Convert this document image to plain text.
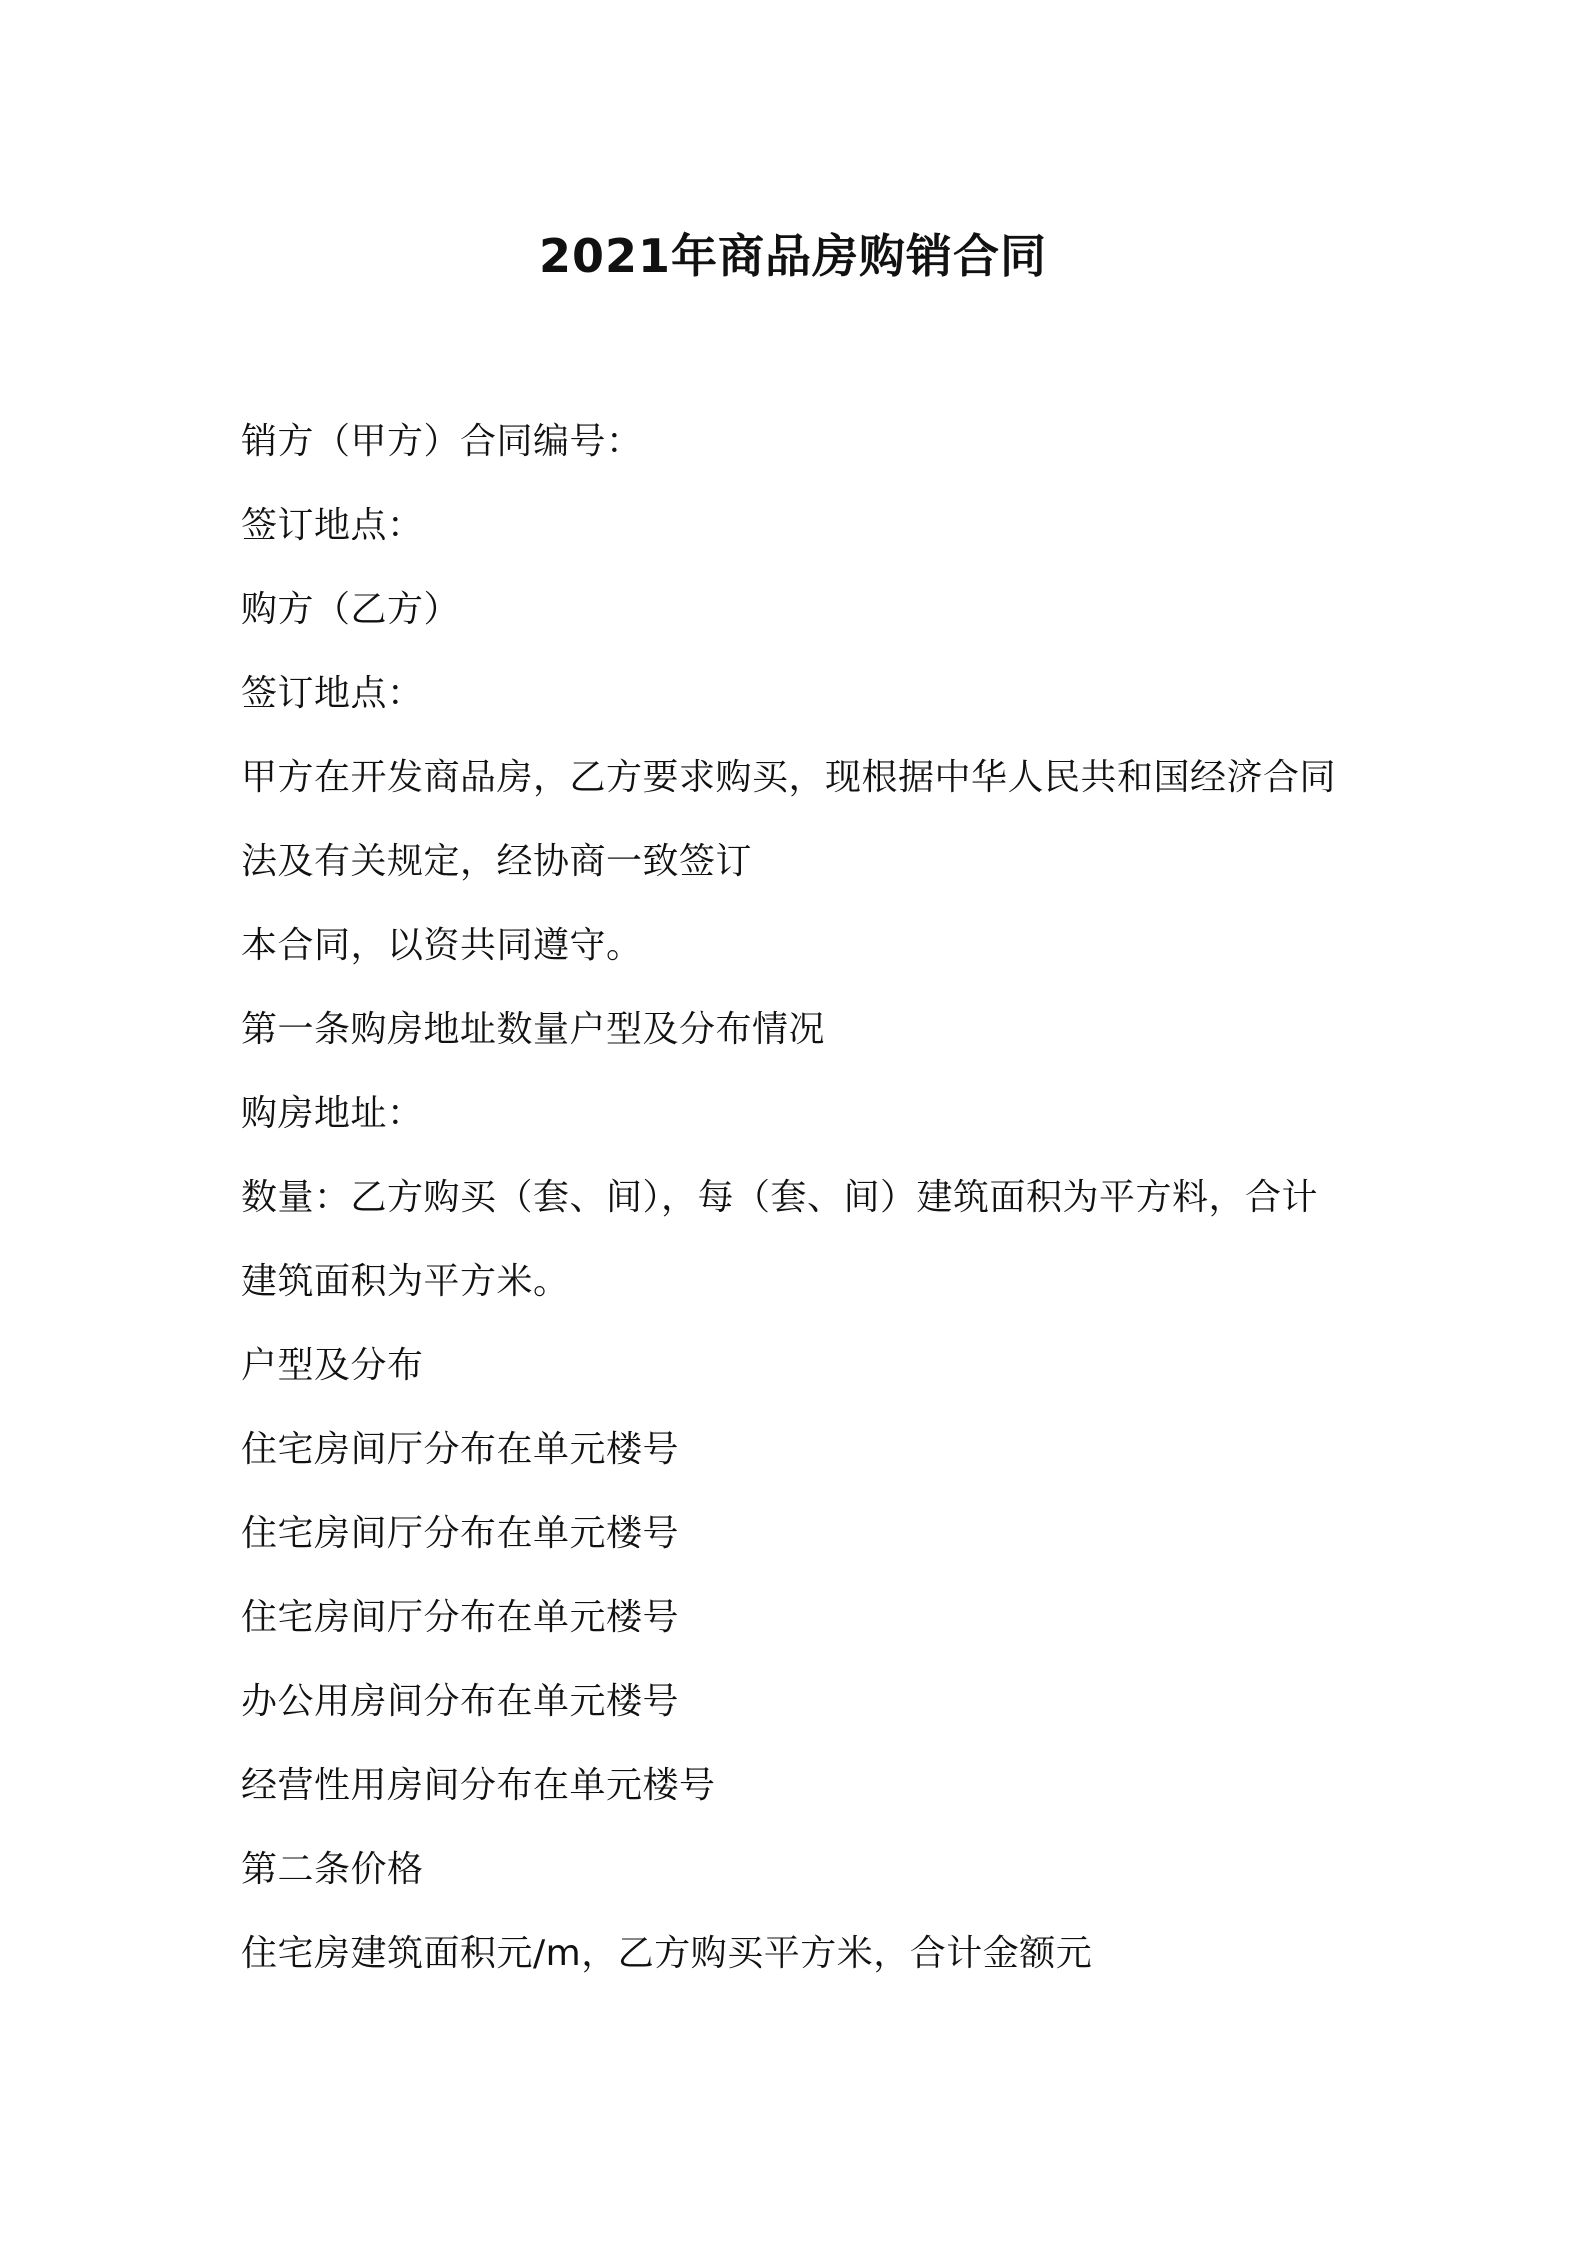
2021年商品房购销合同
销方（甲方）合同编号：
签订地点：
购方（乙方）
签订地点：
甲方在开发商品房，乙方要求购买，现根据中华人民共和国经济合同
法及有关规定，经协商一致签订
本合同，以资共同遵守。
第一条购房地址数量户型及分布情况
购房地址：
数量：乙方购买（套、间），每（套、间）建筑面积为平方料，合计
建筑面积为平方米。
户型及分布
住宅房间厅分布在单元楼号
住宅房间厅分布在单元楼号
住宅房间厅分布在单元楼号
办公用房间分布在单元楼号
经营性用房间分布在单元楼号
第二条价格
住宅房建筑面积元/m，乙方购买平方米，合计金额元
